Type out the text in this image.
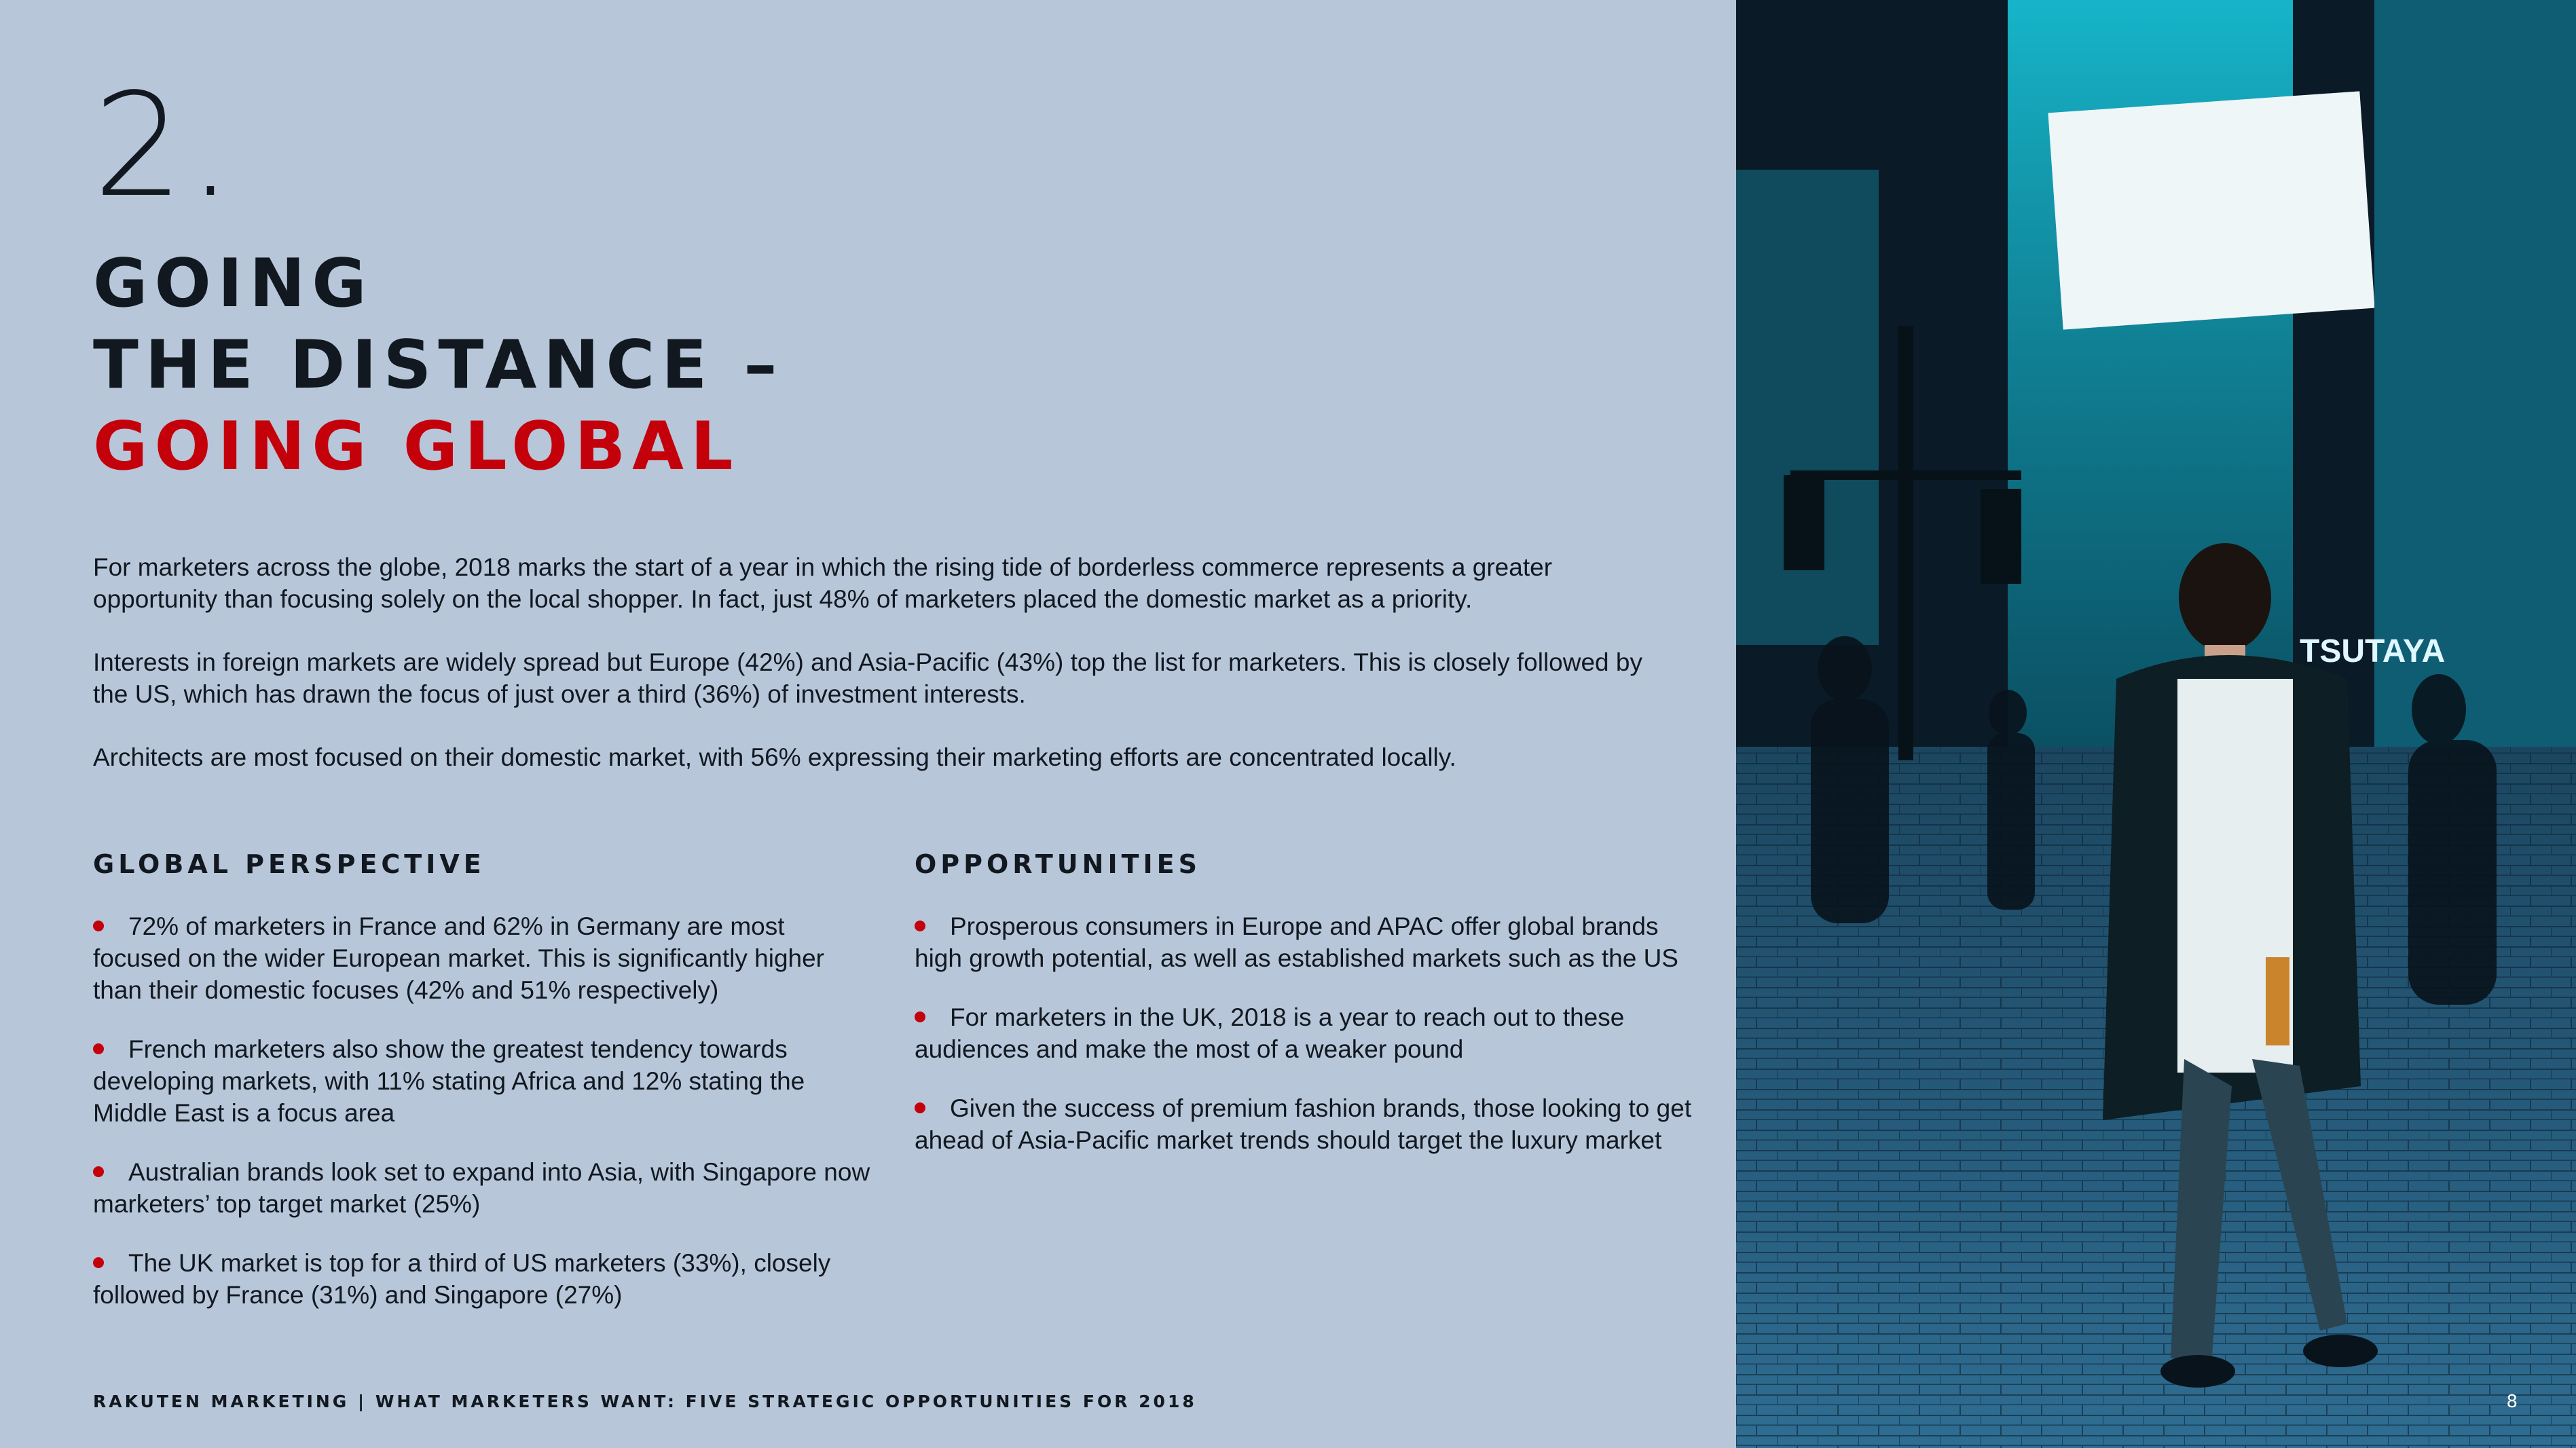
2.
GOING
THE DISTANCE –
GOING GLOBAL

For marketers across the globe, 2018 marks the start of a year in which the rising tide of borderless commerce represents a greater opportunity than focusing solely on the local shopper. In fact, just 48% of marketers placed the domestic market as a priority.

Interests in foreign markets are widely spread but Europe (42%) and Asia-Pacific (43%) top the list for marketers. This is closely followed by the US, which has drawn the focus of just over a third (36%) of investment interests.

Architects are most focused on their domestic market, with 56% expressing their marketing efforts are concentrated locally.

GLOBAL PERSPECTIVE
72% of marketers in France and 62% in Germany are most focused on the wider European market. This is significantly higher than their domestic focuses (42% and 51% respectively)
French marketers also show the greatest tendency towards developing markets, with 11% stating Africa and 12% stating the Middle East is a focus area
Australian brands look set to expand into Asia, with Singapore now marketers’ top target market (25%)
The UK market is top for a third of US marketers (33%), closely followed by France (31%) and Singapore (27%)
OPPORTUNITIES
Prosperous consumers in Europe and APAC offer global brands high growth potential, as well as established markets such as the US
For marketers in the UK, 2018 is a year to reach out to these audiences and make the most of a weaker pound
Given the success of premium fashion brands, those looking to get ahead of Asia-Pacific market trends should target the luxury market
RAKUTEN MARKETING | WHAT MARKETERS WANT: FIVE STRATEGIC OPPORTUNITIES FOR 2018
TSUTAYA
8
